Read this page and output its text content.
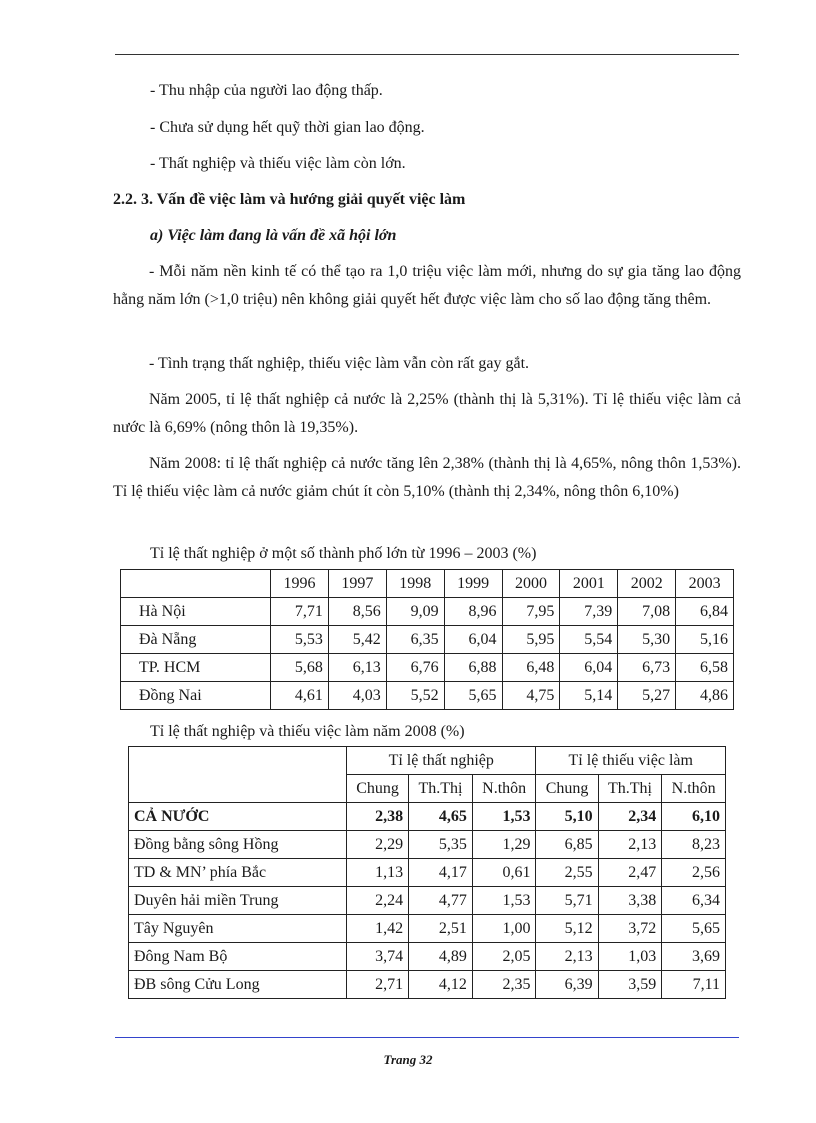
- Thu nhập của người lao động thấp.
- Chưa sử dụng hết quỹ thời gian lao động.
- Thất nghiệp và thiếu việc làm còn lớn.
2.2. 3. Vấn đề việc làm và hướng giải quyết việc làm
a) Việc làm đang là vấn đề xã hội lớn
- Mỗi năm nền kinh tế có thể tạo ra 1,0 triệu việc làm mới, nhưng do sự gia tăng lao động hằng năm lớn (>1,0 triệu) nên không giải quyết hết được việc làm cho số lao động tăng thêm.
- Tình trạng thất nghiệp, thiếu việc làm vẫn còn rất gay gắt.
Năm 2005, tỉ lệ thất nghiệp cả nước là 2,25% (thành thị là 5,31%). Tỉ lệ thiếu việc làm cả nước là 6,69% (nông thôn là 19,35%).
Năm 2008: tỉ lệ thất nghiệp cả nước tăng lên 2,38% (thành thị là 4,65%, nông thôn 1,53%). Tỉ lệ thiếu việc làm cả nước giảm chút ít còn 5,10% (thành thị 2,34%, nông thôn 6,10%)
Tỉ lệ thất nghiệp ở một số thành phố lớn từ 1996 – 2003 (%)
	1996	1997	1998	1999	2000	2001	2002	2003
Hà Nội	7,71	8,56	9,09	8,96	7,95	7,39	7,08	6,84
Đà Nẵng	5,53	5,42	6,35	6,04	5,95	5,54	5,30	5,16
TP. HCM	5,68	6,13	6,76	6,88	6,48	6,04	6,73	6,58
Đồng Nai	4,61	4,03	5,52	5,65	4,75	5,14	5,27	4,86
Tỉ lệ thất nghiệp và thiếu việc làm năm 2008 (%)
	Tỉ lệ thất nghiệp			Tỉ lệ thiếu việc làm		
	Chung	Th.Thị	N.thôn	Chung	Th.Thị	N.thôn
CẢ NƯỚC	2,38	4,65	1,53	5,10	2,34	6,10
Đồng bằng sông Hồng	2,29	5,35	1,29	6,85	2,13	8,23
TD & MN’ phía Bắc	1,13	4,17	0,61	2,55	2,47	2,56
Duyên hải miền Trung	2,24	4,77	1,53	5,71	3,38	6,34
Tây Nguyên	1,42	2,51	1,00	5,12	3,72	5,65
Đông Nam Bộ	3,74	4,89	2,05	2,13	1,03	3,69
ĐB sông Cửu Long	2,71	4,12	2,35	6,39	3,59	7,11
Trang 32
